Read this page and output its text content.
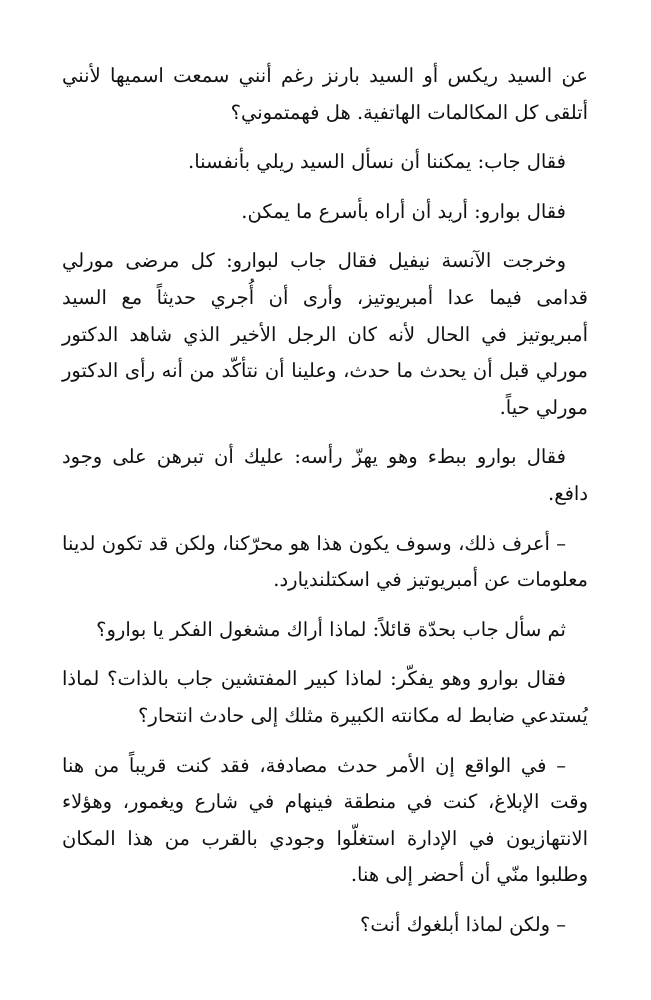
عن السيد ريكس أو السيد بارنز رغم أنني سمعت اسميها لأنني أتلقى كل المكالمات الهاتفية. هل فهمتموني؟

فقال جاب: يمكننا أن نسأل السيد ريلي بأنفسنا.

فقال بوارو: أريد أن أراه بأسرع ما يمكن.

وخرجت الآنسة نيفيل فقال جاب لبوارو: كل مرضى مورلي قدامى فيما عدا أمبريوتيز، وأرى أن أُجري حديثاً مع السيد أمبريوتيز في الحال لأنه كان الرجل الأخير الذي شاهد الدكتور مورلي قبل أن يحدث ما حدث، وعلينا أن نتأكّد من أنه رأى الدكتور مورلي حياً.

فقال بوارو ببطء وهو يهزّ رأسه: عليك أن تبرهن على وجود دافع.

– أعرف ذلك، وسوف يكون هذا هو محرّكنا، ولكن قد تكون لدينا معلومات عن أمبريوتيز في اسكتلنديارد.

ثم سأل جاب بحدّة قائلاً: لماذا أراك مشغول الفكر يا بوارو؟

فقال بوارو وهو يفكّر: لماذا كبير المفتشين جاب بالذات؟ لماذا يُستدعي ضابط له مكانته الكبيرة مثلك إلى حادث انتحار؟

– في الواقع إن الأمر حدث مصادفة، فقد كنت قريباً من هنا وقت الإبلاغ، كنت في منطقة فينهام في شارع ويغمور، وهؤلاء الانتهازيون في الإدارة استغلّوا وجودي بالقرب من هذا المكان وطلبوا منّي أن أحضر إلى هنا.

– ولكن لماذا أبلغوك أنت؟
